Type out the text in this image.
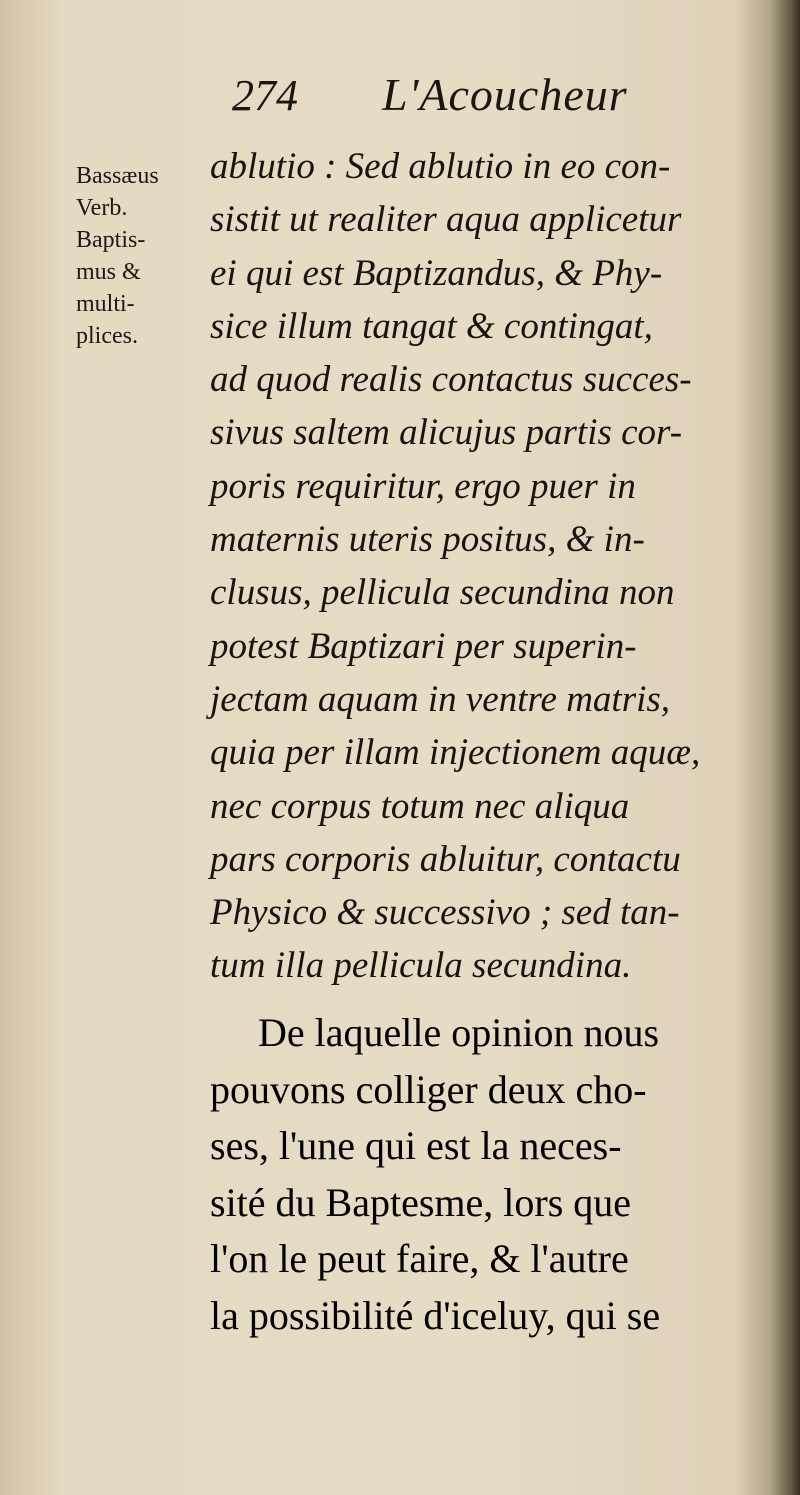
274 L'Acoucheur
Bassæus
Verb.
Baptis-
mus &
multi-
plices.
ablutio : Sed ablutio in eo con-
sistit ut realiter aqua applicetur
ei qui est Baptizandus, & Phy-
sice illum tangat & contingat,
ad quod realis contactus succes-
sivus saltem alicujus partis cor-
poris requiritur, ergo puer in
maternis uteris positus, & in-
clusus, pellicula secundina non
potest Baptizari per superin-
jectam aquam in ventre matris,
quia per illam injectionem aquæ,
nec corpus totum nec aliqua
pars corporis abluitur, contactu
Physico & successivo ; sed tan-
tum illa pellicula secundina.
De laquelle opinion nous
pouvons colliger deux cho-
ses, l'une qui est la neces-
sité du Baptesme, lors que
l'on le peut faire, & l'autre
la possibilité d'iceluy, qui se
